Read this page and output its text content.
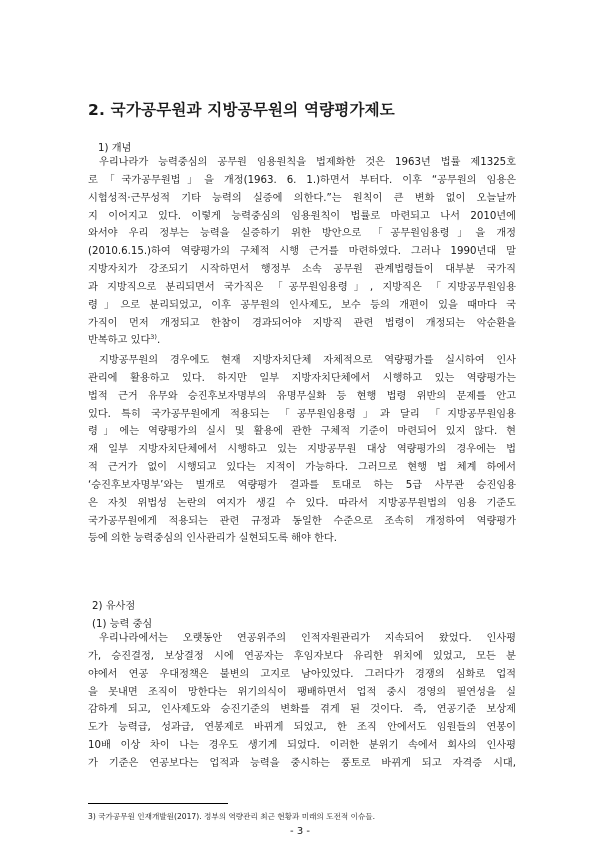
2. 국가공무원과 지방공무원의 역량평가제도
1) 개념

우리나라가 능력중심의 공무원 임용원칙을 법제화한 것은 1963년 법률 제1325호

로「국가공무원법」을 개정(1963. 6. 1.)하면서 부터다. 이후 “공무원의 임용은

시험성적·근무성적 기타 능력의 실증에 의한다.”는 원칙이 큰 변화 없이 오늘날까

지 이어지고 있다. 이렇게 능력중심의 임용원칙이 법률로 마련되고 나서 2010년에

와서야 우리 정부는 능력을 실증하기 위한 방안으로 「공무원임용령」을 개정

(2010.6.15.)하여 역량평가의 구체적 시행 근거를 마련하였다. 그러나 1990년대 말

지방자치가 강조되기 시작하면서 행정부 소속 공무원 관계법령들이 대부분 국가직

과 지방직으로 분리되면서 국가직은 「공무원임용령」, 지방직은 「지방공무원임용

령」으로 분리되었고, 이후 공무원의 인사제도, 보수 등의 개편이 있을 때마다 국

가직이 먼저 개정되고 한참이 경과되어야 지방직 관련 법령이 개정되는 악순환을

반복하고 있다$^{3)}$.

지방공무원의 경우에도 현재 지방자치단체 자체적으로 역량평가를 실시하여 인사

관리에 활용하고 있다. 하지만 일부 지방자치단체에서 시행하고 있는 역량평가는

법적 근거 유무와 승진후보자명부의 유명무실화 등 현행 법령 위반의 문제를 안고

있다. 특히 국가공무원에게 적용되는 「공무원임용령」과 달리 「지방공무원임용

령」에는 역량평가의 실시 및 활용에 관한 구체적 기준이 마련되어 있지 않다. 현

재 일부 지방자치단체에서 시행하고 있는 지방공무원 대상 역량평가의 경우에는 법

적 근거가 없이 시행되고 있다는 지적이 가능하다. 그러므로 현행 법 체계 하에서

‘승진후보자명부’와는 별개로 역량평가 결과를 토대로 하는 5급 사무관 승진임용

은 자칫 위법성 논란의 여지가 생길 수 있다. 따라서 지방공무원법의 임용 기준도

국가공무원에게 적용되는 관련 규정과 동일한 수준으로 조속히 개정하여 역량평가

등에 의한 능력중심의 인사관리가 실현되도록 해야 한다.

2) 유사점
(1) 능력 중심

우리나라에서는 오랫동안 연공위주의 인적자원관리가 지속되어 왔었다. 인사평

가, 승진결정, 보상결정 시에 연공자는 후임자보다 유리한 위치에 있었고, 모든 분

야에서 연공 우대정책은 불변의 고지로 남아있었다. 그러다가 경쟁의 심화로 업적

을 못내면 조직이 망한다는 위기의식이 팽배하면서 업적 중시 경영의 필연성을 실

감하게 되고, 인사제도와 승진기준의 변화를 겪게 된 것이다. 즉, 연공기준 보상제

도가 능력급, 성과급, 연봉제로 바뀌게 되었고, 한 조직 안에서도 임원들의 연봉이

10배 이상 차이 나는 경우도 생기게 되었다. 이러한 분위기 속에서 회사의 인사평

가 기준은 연공보다는 업적과 능력을 중시하는 풍토로 바뀌게 되고 자격증 시대,

3) 국가공무원 인재개발원(2017). 정부의 역량관리 최근 현황과 미래의 도전적 이슈들.
- 3 -
